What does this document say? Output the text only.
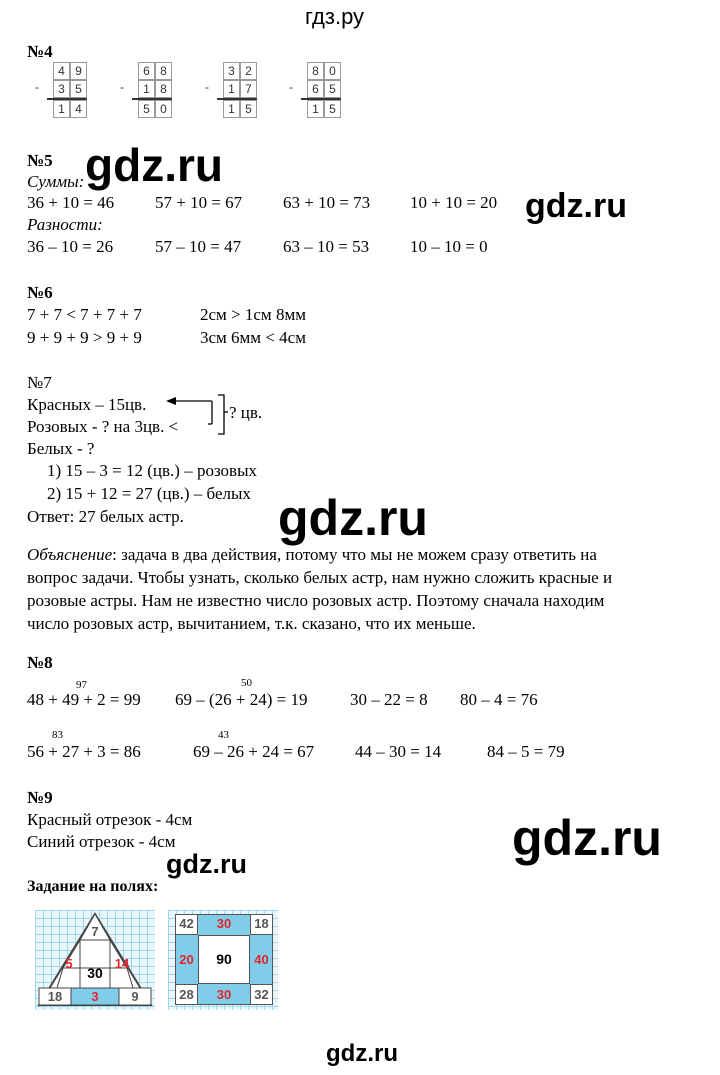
гдз.ру
№4
4 9
3 5
1 4
-
6 8
1 8
5 0
-
3 2
1 7
1 5
-
8 0
6 5
1 5
-
№5
Суммы:
36 + 10 = 46 57 + 10 = 67 63 + 10 = 73 10 + 10 = 20
Разности:
36 – 10 = 26 57 – 10 = 47 63 – 10 = 53 10 – 10 = 0
№6
7 + 7 < 7 + 7 + 7
9 + 9 + 9 > 9 + 9
2см > 1см 8мм
3см 6мм < 4см
№7
Красных – 15цв.
Розовых - ? на 3цв. <
? цв.
Белых - ?
1) 15 – 3 = 12 (цв.) – розовых
2) 15 + 12 = 27 (цв.) – белых
Ответ: 27 белых астр.
Объяснение: задача в два действия, потому что мы не можем сразу ответить на
вопрос задачи. Чтобы узнать, сколько белых астр, нам нужно сложить красные и
розовые астры. Нам не известно число розовых астр. Поэтому сначала находим
число розовых астр, вычитанием, т.к. сказано, что их меньше.
№8
97	50
48 + 49 + 2 = 99 69 – (26 + 24) = 19	30 – 22 = 8 80 – 4 = 76
83	43
56 + 27 + 3 = 86	69 – 26 + 24 = 67 44 – 30 = 14	84 – 5 = 79
№9
Красный отрезок - 4см
Синий отрезок - 4см
Задание на полях:
7
5
30
14
18	3	9
42	30	18
20	90	40
28	30	32
gdz.ru
gdz.ru
gdz.ru
gdz.ru
gdz.ru
gdz.ru
